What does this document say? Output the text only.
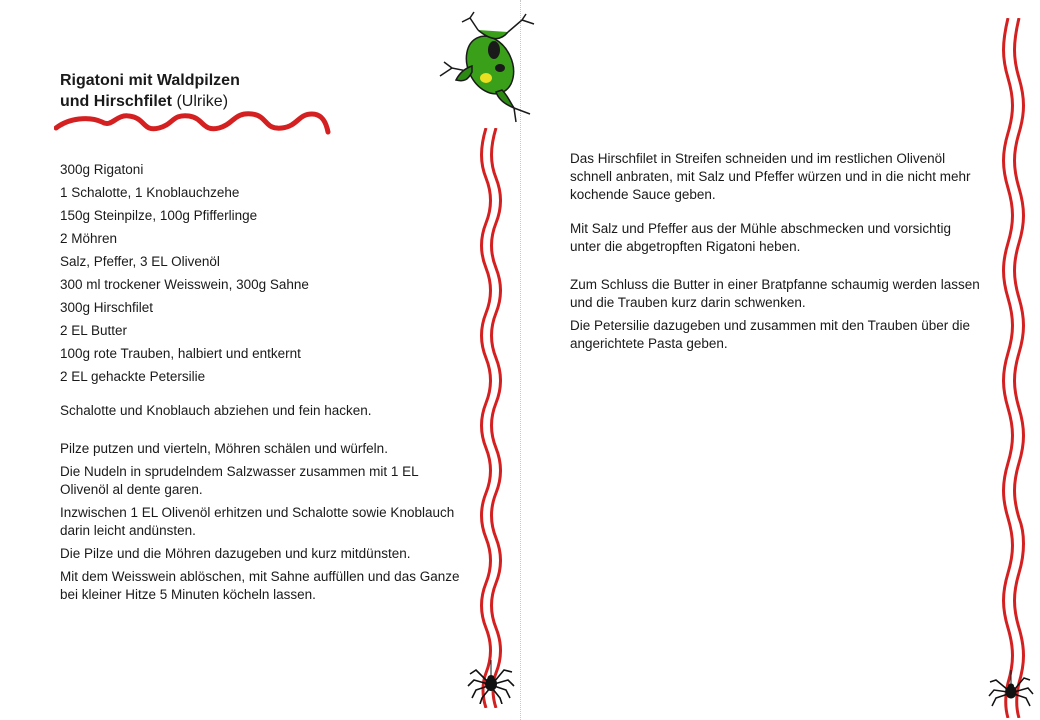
Rigatoni mit Waldpilzen
und Hirschfilet (Ulrike)
300g Rigatoni
1 Schalotte, 1 Knoblauchzehe
150g Steinpilze, 100g Pfifferlinge
2 Möhren
Salz, Pfeffer, 3 EL Olivenöl
300 ml trockener Weisswein, 300g Sahne
300g Hirschfilet
2 EL Butter
100g rote Trauben, halbiert und entkernt
2 EL gehackte Petersilie

Schalotte und Knoblauch abziehen und fein hacken.

Pilze putzen und vierteln, Möhren schälen und würfeln.

Die Nudeln in sprudelndem Salzwasser zusammen mit 1 EL Olivenöl al dente garen.

Inzwischen 1 EL Olivenöl erhitzen und Schalotte sowie Knoblauch darin leicht andünsten.

Die Pilze und die Möhren dazugeben und kurz mitdünsten.

Mit dem Weisswein ablöschen, mit Sahne auffüllen und das Ganze bei kleiner Hitze 5 Minuten köcheln lassen.

Das Hirschfilet in Streifen schneiden und im restlichen Olivenöl schnell anbraten, mit Salz und Pfeffer würzen und in die nicht mehr kochende Sauce geben.

Mit Salz und Pfeffer aus der Mühle abschmecken und vorsichtig unter die abgetropften Rigatoni heben.

Zum Schluss die Butter in einer Bratpfanne schaumig werden lassen und die Trauben kurz darin schwenken.

Die Petersilie dazugeben und zusammen mit den Trauben über die angerichtete Pasta geben.
